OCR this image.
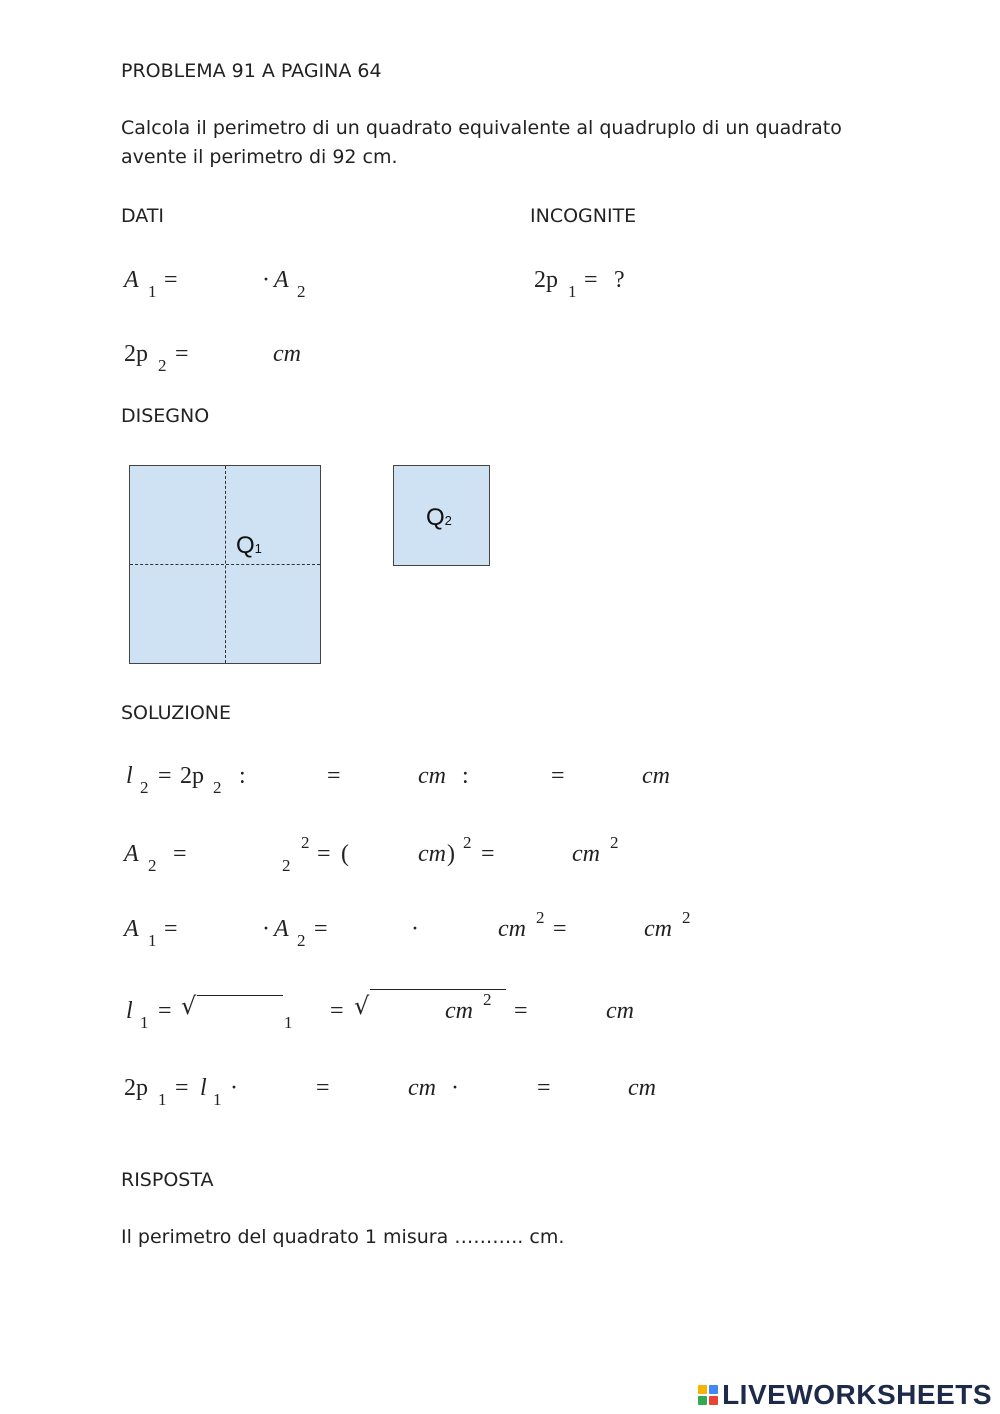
PROBLEMA 91 A PAGINA 64
Calcola il perimetro di un quadrato equivalente al quadruplo di un quadrato avente il perimetro di 92 cm.
DATI	INCOGNITE
A 1 =	· A 2	2p 1 = ?
2p 2 =	cm
DISEGNO
Q1
Q2
SOLUZIONE
l 2 = 2p 2 :	=	cm :	=	cm
A 2 =	2
2 = (	cm ) 2 =	cm 2
A 1 =	· A 2 =	·	cm 2 =	cm 2
l 1 = √
1 = √	cm 2 =	cm
2p 1 = l 1 ·	=	cm ·	=	cm
RISPOSTA
Il perimetro del quadrato 1 misura ……….. cm.
LIVEWORKSHEETS
